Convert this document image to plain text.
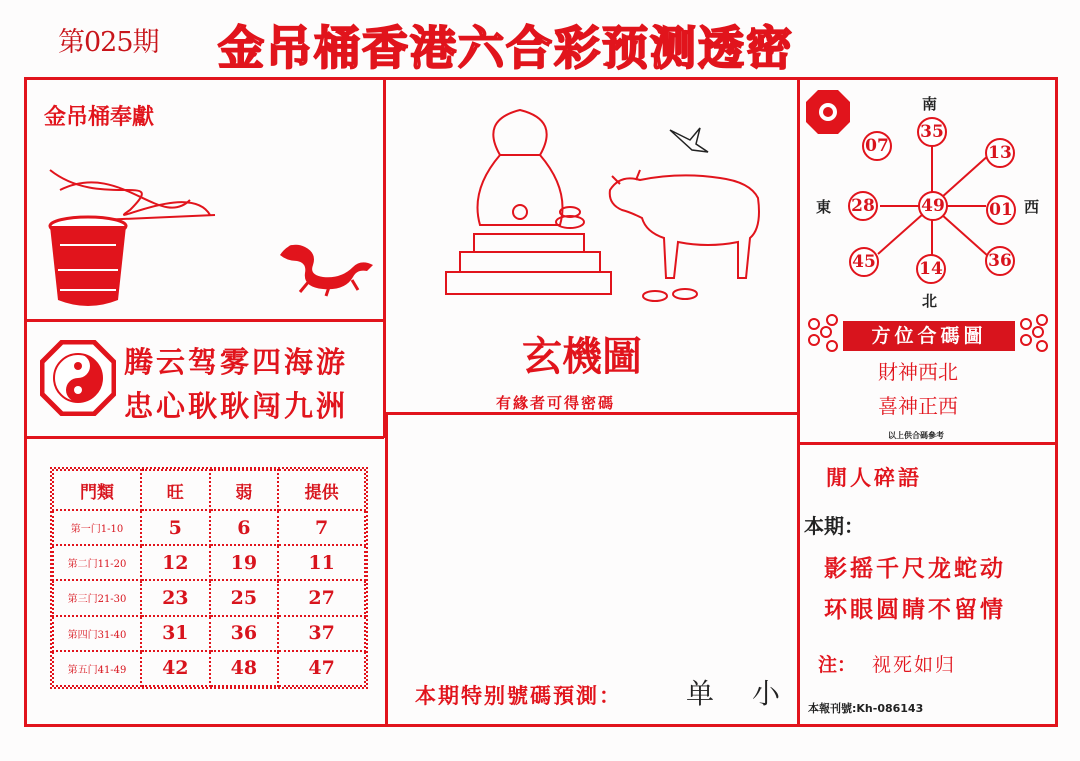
第025期 金吊桶香港六合彩预测透密
金吊桶奉獻
腾云驾雾四海游
忠心耿耿闯九洲
門類	旺	弱	提供
第一门1-10	5	6	7
第二门11-20	12	19	11
第三门21-30	23	25	27
第四门31-40	31	36	37
第五门41-49	42	48	47
玄機圖
有緣者可得密碼
本期特别號碼預測： 单 小
南
北
東	西
35
07	13
28	49	01
45	14	36
方位合碼圖
財神西北
喜神正西
以上供合碼參考
閒人碎語
本期：
影摇千尺龙蛇动
环眼圆睛不留情
注： 视死如归
本報刊號:Kh-086143
